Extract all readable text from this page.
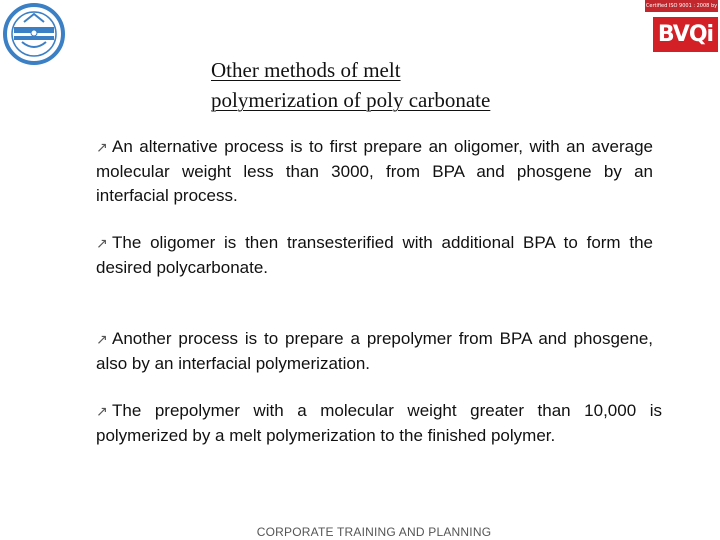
Certified ISO 9001 : 2008 by
BVQi
Other methods of melt
polymerization of poly carbonate
↗ An alternative process is to first prepare an oligomer, with an average molecular weight less than 3000, from BPA and phosgene by an interfacial process.
↗ The oligomer is then transesterified with additional BPA to form the desired polycarbonate.
↗ Another process is to prepare a prepolymer from BPA and phosgene, also by an interfacial polymerization.
↗ The prepolymer with a molecular weight greater than 10,000 is polymerized by a melt polymerization to the finished polymer.
CORPORATE TRAINING AND PLANNING
